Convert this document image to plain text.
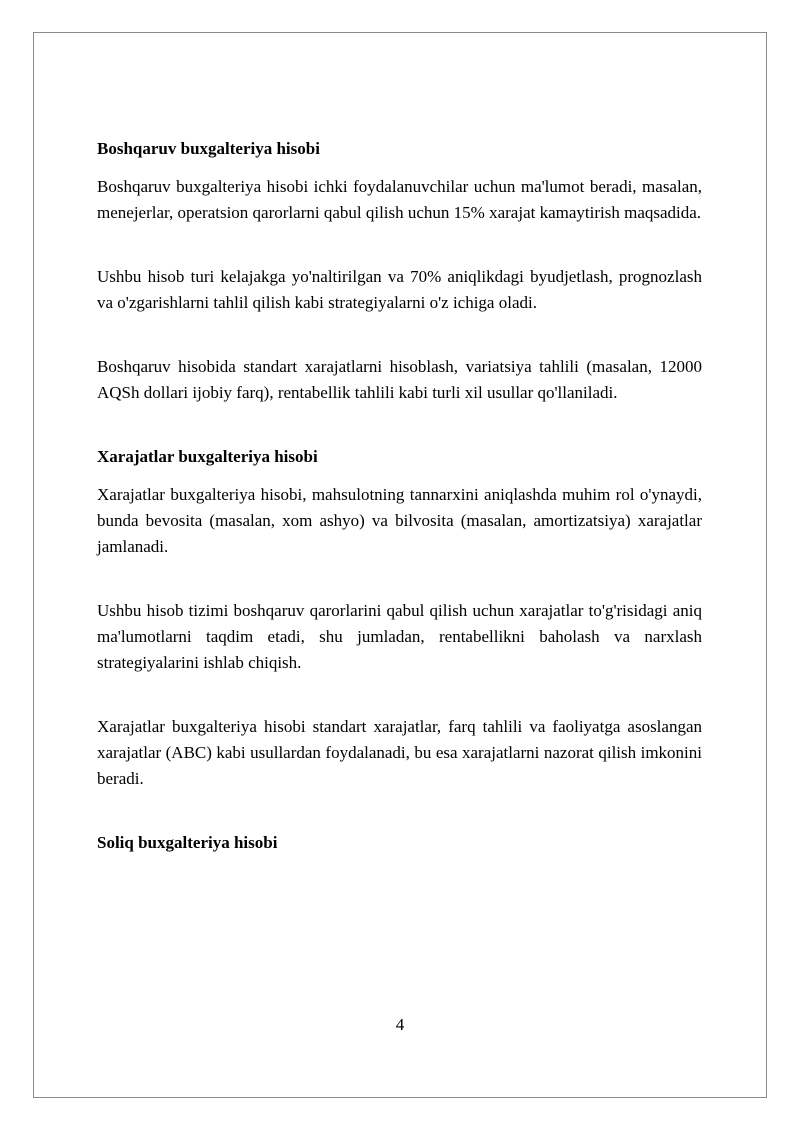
Boshqaruv buxgalteriya hisobi

Boshqaruv buxgalteriya hisobi ichki foydalanuvchilar uchun ma'lumot beradi, masalan, menejerlar, operatsion qarorlarni qabul qilish uchun 15% xarajat kamaytirish maqsadida.

Ushbu hisob turi kelajakga yo'naltirilgan va 70% aniqlikdagi byudjetlash, prognozlash va o'zgarishlarni tahlil qilish kabi strategiyalarni o'z ichiga oladi.

Boshqaruv hisobida standart xarajatlarni hisoblash, variatsiya tahlili (masalan, 12000 AQSh dollari ijobiy farq), rentabellik tahlili kabi turli xil usullar qo'llaniladi.

Xarajatlar buxgalteriya hisobi

Xarajatlar buxgalteriya hisobi, mahsulotning tannarxini aniqlashda muhim rol o'ynaydi, bunda bevosita (masalan, xom ashyo) va bilvosita (masalan, amortizatsiya) xarajatlar jamlanadi.

Ushbu hisob tizimi boshqaruv qarorlarini qabul qilish uchun xarajatlar to'g'risidagi aniq ma'lumotlarni taqdim etadi, shu jumladan, rentabellikni baholash va narxlash strategiyalarini ishlab chiqish.

Xarajatlar buxgalteriya hisobi standart xarajatlar, farq tahlili va faoliyatga asoslangan xarajatlar (ABC) kabi usullardan foydalanadi, bu esa xarajatlarni nazorat qilish imkonini beradi.

Soliq buxgalteriya hisobi

4
